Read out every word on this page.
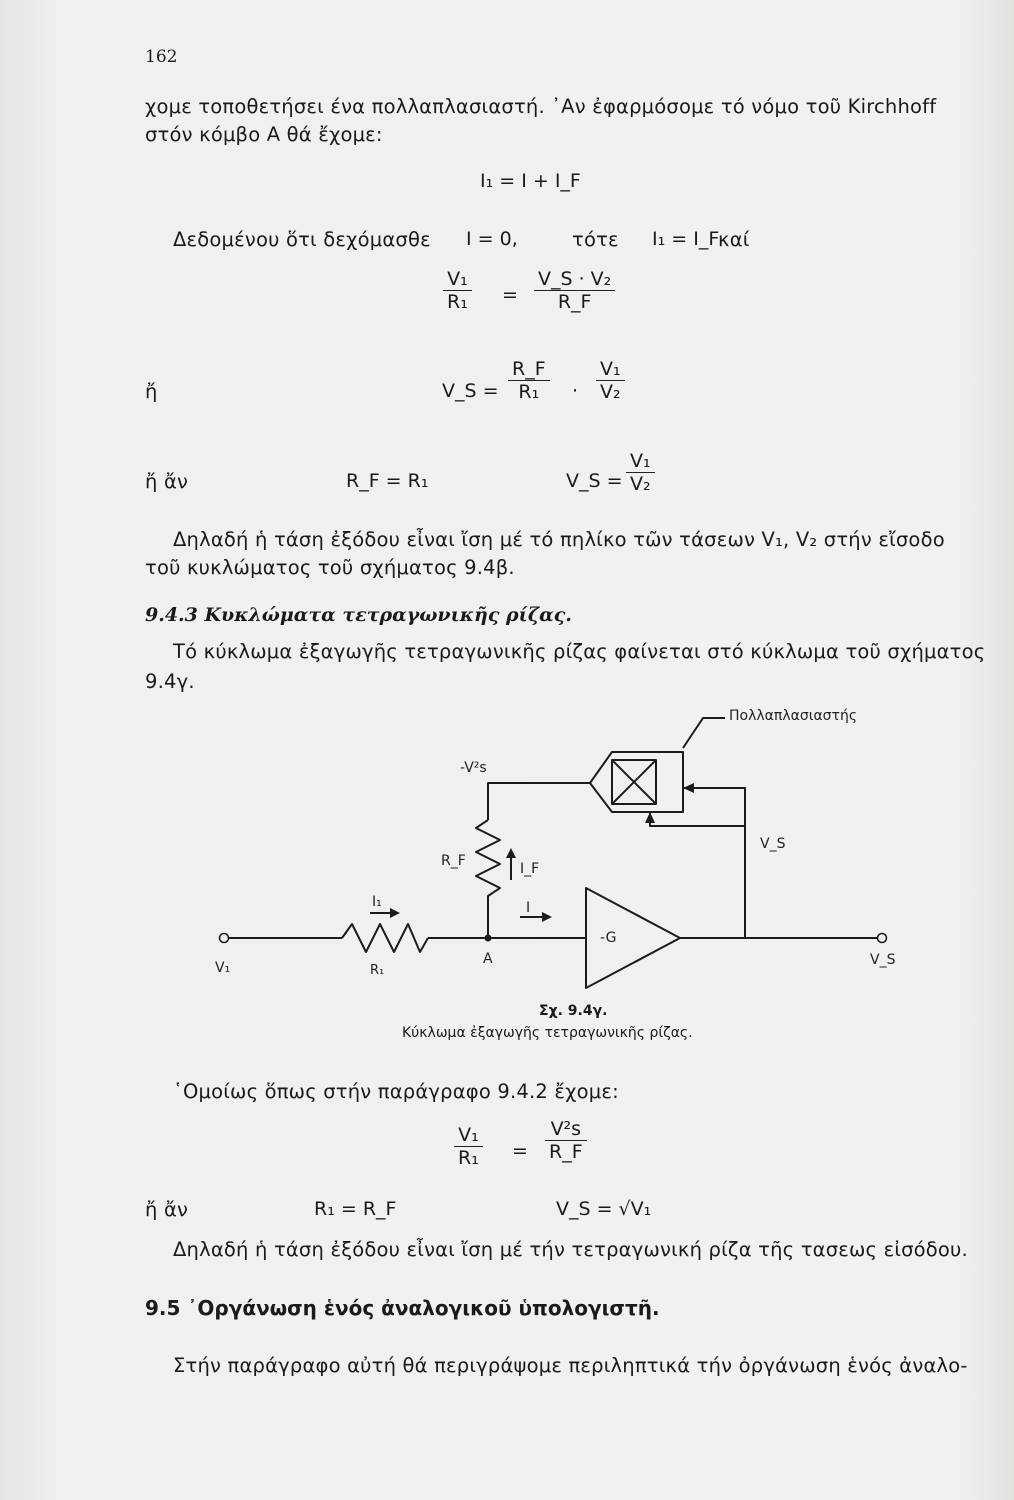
162
χομε τοποθετήσει ένα πολλαπλασιαστή. ᾽Αν ἐφαρμόσομε τό νόμο τοῦ Kirchhoff
στόν κόμβο Α θά ἔχομε:
I₁ = I + I_F
Δεδομένου ὅτι δεχόμασθε I = 0,	τότε I₁ = I_F
καί
$\frac{\text{V₁}}{\text{R₁}} = \frac{\text{V\_S · V₂}}{R\_F}$
ἤ	V_S = $\frac{R\_F}{\text{R₁}} \cdot \frac{\text{V₁}}{\text{V₂}}$
ἤ ἄν	R_F = R₁	V_S = $\frac{\text{V₁}}{\text{V₂}}$
Δηλαδή ἡ τάση ἐξόδου εἶναι ἴση μέ τό πηλίκο τῶν τάσεων V₁, V₂ στήν εἴσοδο
τοῦ κυκλώματος τοῦ σχήματος 9.4β.
9.4.3 Κυκλώματα τετραγωνικῆς ρίζας.
Τό κύκλωμα ἐξαγωγῆς τετραγωνικῆς ρίζας φαίνεται στό κύκλωμα τοῦ σχήματος
9.4γ.
Πολλαπλασιαστής
-V²s
R_F	I_F
I₁	I
-G
A
R₁
V₁	V_S
V_S
Σχ. 9.4γ.
Κύκλωμα ἐξαγωγῆς τετραγωνικῆς ρίζας.
῾Ομοίως ὅπως στήν παράγραφο 9.4.2 ἔχομε:
$\frac{\text{V₁}}{\text{R₁}} = \frac{\text{V²s}}{R\_F}$
ἤ ἄν	R₁ = R_F	V_S = √V₁
Δηλαδή ἡ τάση ἐξόδου εἶναι ἴση μέ τήν τετραγωνική ρίζα τῆς τασεως εἰσόδου.
9.5 ᾽Οργάνωση ἑνός ἀναλογικοῦ ὑπολογιστῆ.
Στήν παράγραφο αὐτή θά περιγράψομε περιληπτικά τήν ὀργάνωση ἑνός ἀναλο-
